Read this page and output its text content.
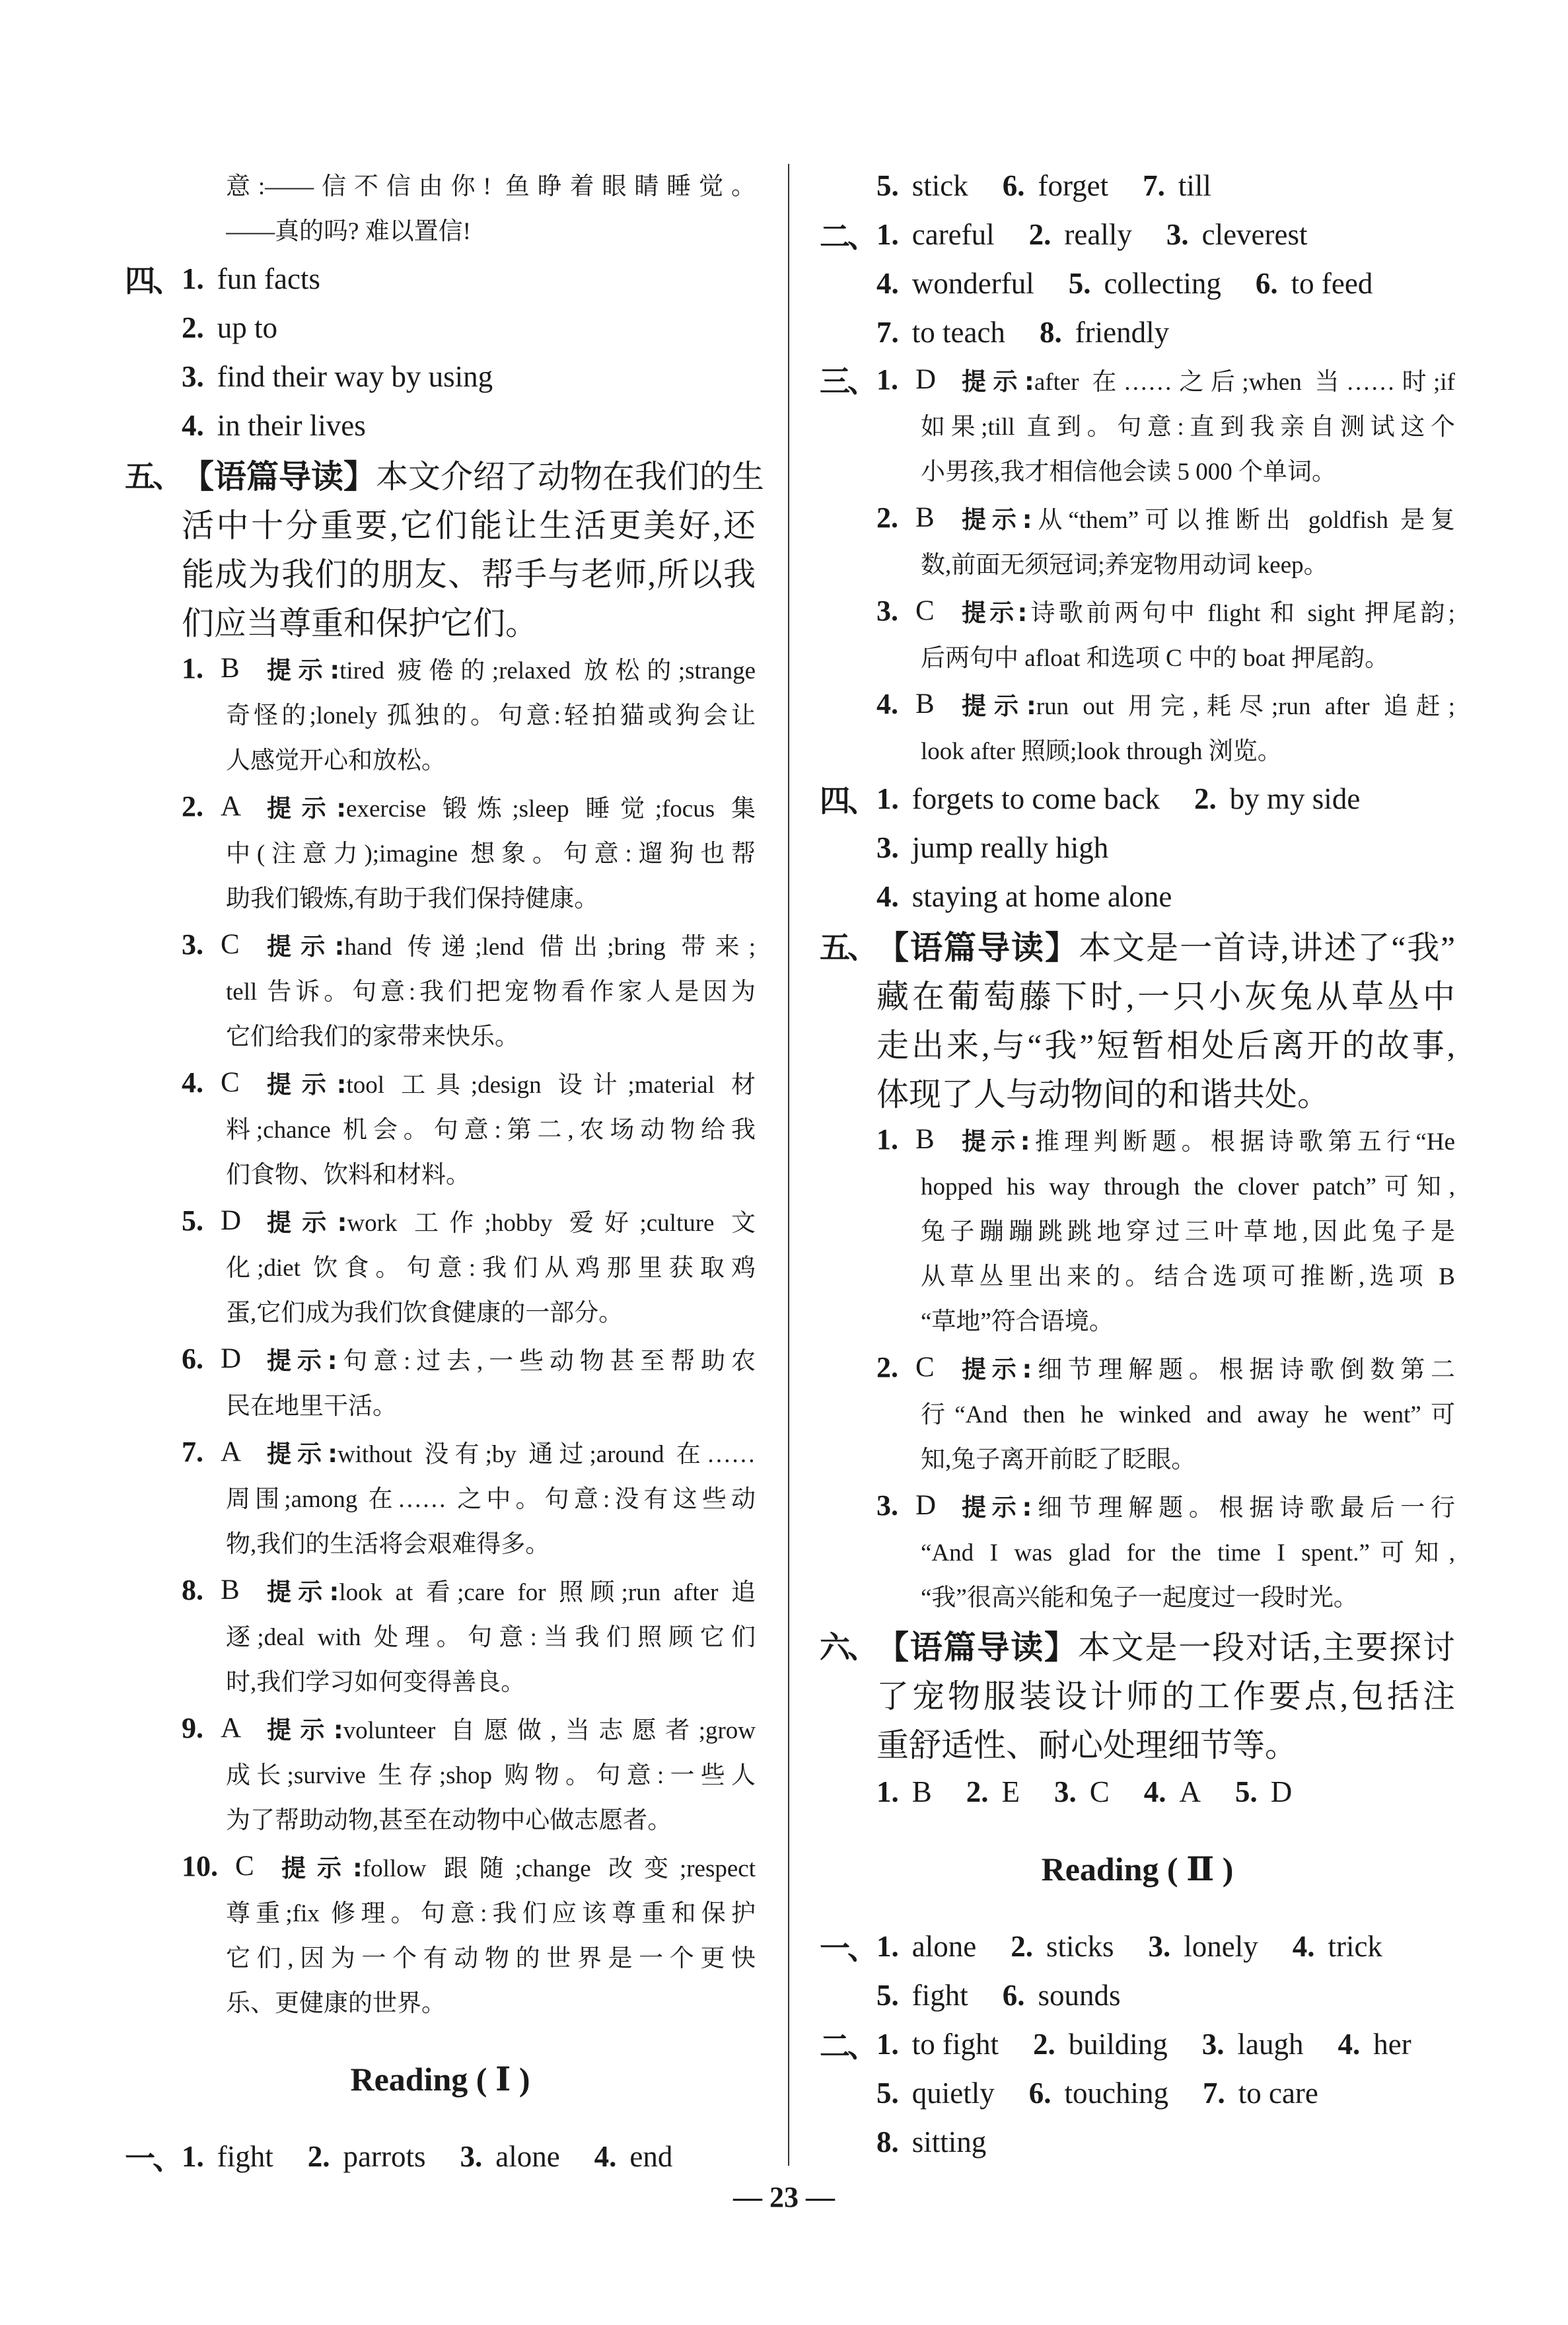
意:——信不信由你! 鱼睁着眼睛睡觉。
——真的吗? 难以置信!
四、 1. fun facts
2. up to
3. find their way by using
4. in their lives
五、 【语篇导读】本文介绍了动物在我们的生
活中十分重要,它们能让生活更美好,还
能成为我们的朋友、帮手与老师,所以我
们应当尊重和保护它们。
1. B	提示:tired 疲倦的;relaxed 放松的;strange
奇怪的;lonely 孤独的。句意:轻拍猫或狗会让
人感觉开心和放松。
2. A	提示:exercise 锻炼;sleep 睡觉;focus 集
中(注意力);imagine 想象。句意:遛狗也帮
助我们锻炼,有助于我们保持健康。
3. C	提示:hand 传递;lend 借出;bring 带来;
tell 告诉。句意:我们把宠物看作家人是因为
它们给我们的家带来快乐。
4. C	提示:tool 工具;design 设计;material 材
料;chance 机会。句意:第二,农场动物给我
们食物、饮料和材料。
5. D	提示:work 工作;hobby 爱好;culture 文
化;diet 饮食。句意:我们从鸡那里获取鸡
蛋,它们成为我们饮食健康的一部分。
6. D	提示:句意:过去,一些动物甚至帮助农
民在地里干活。
7. A	提示:without 没有;by 通过;around 在……
周围;among 在…… 之中。句意:没有这些动
物,我们的生活将会艰难得多。
8. B	提示:look at 看;care for 照顾;run after 追
逐;deal with 处理。句意:当我们照顾它们
时,我们学习如何变得善良。
9. A	提示:volunteer 自愿做,当志愿者;grow
成长;survive 生存;shop 购物。句意:一些人
为了帮助动物,甚至在动物中心做志愿者。
10. C	提示:follow 跟随;change 改变;respect
尊重;fix 修理。句意:我们应该尊重和保护
它们,因为一个有动物的世界是一个更快
乐、更健康的世界。
Reading ( Ⅰ )
一、 1. fight 2. parrots 3. alone 4. end
5. stick 6. forget 7. till
二、 1. careful 2. really 3. cleverest
4. wonderful 5. collecting 6. to feed
7. to teach 8. friendly
三、 1. D	提示:after 在……之后;when 当……时;if
如果;till 直到。句意:直到我亲自测试这个
小男孩,我才相信他会读 5 000 个单词。
2. B	提示:从“them”可以推断出 goldfish 是复
数,前面无须冠词;养宠物用动词 keep。
3. C	提示:诗歌前两句中 flight 和 sight 押尾韵;
后两句中 afloat 和选项 C 中的 boat 押尾韵。
4. B	提示:run out 用完,耗尽;run after 追赶;
look after 照顾;look through 浏览。
四、 1. forgets to come back 2. by my side
3. jump really high
4. staying at home alone
五、 【语篇导读】本文是一首诗,讲述了“我”
藏在葡萄藤下时,一只小灰兔从草丛中
走出来,与“我”短暂相处后离开的故事,
体现了人与动物间的和谐共处。
1. B	提示:推理判断题。根据诗歌第五行“He
hopped his way through the clover patch”可知,
兔子蹦蹦跳跳地穿过三叶草地,因此兔子是
从草丛里出来的。结合选项可推断,选项 B
“草地”符合语境。
2. C	提示:细节理解题。根据诗歌倒数第二
行“And then he winked and away he went”可
知,兔子离开前眨了眨眼。
3. D	提示:细节理解题。根据诗歌最后一行
“And I was glad for the time I spent.”可知,
“我”很高兴能和兔子一起度过一段时光。
六、 【语篇导读】本文是一段对话,主要探讨
了宠物服装设计师的工作要点,包括注
重舒适性、耐心处理细节等。
1. B 2. E 3. C 4. A 5. D
Reading ( Ⅱ )
一、 1. alone 2. sticks 3. lonely 4. trick
5. fight 6. sounds
二、 1. to fight 2. building 3. laugh 4. her
5. quietly 6. touching 7. to care
8. sitting
— 23 —
